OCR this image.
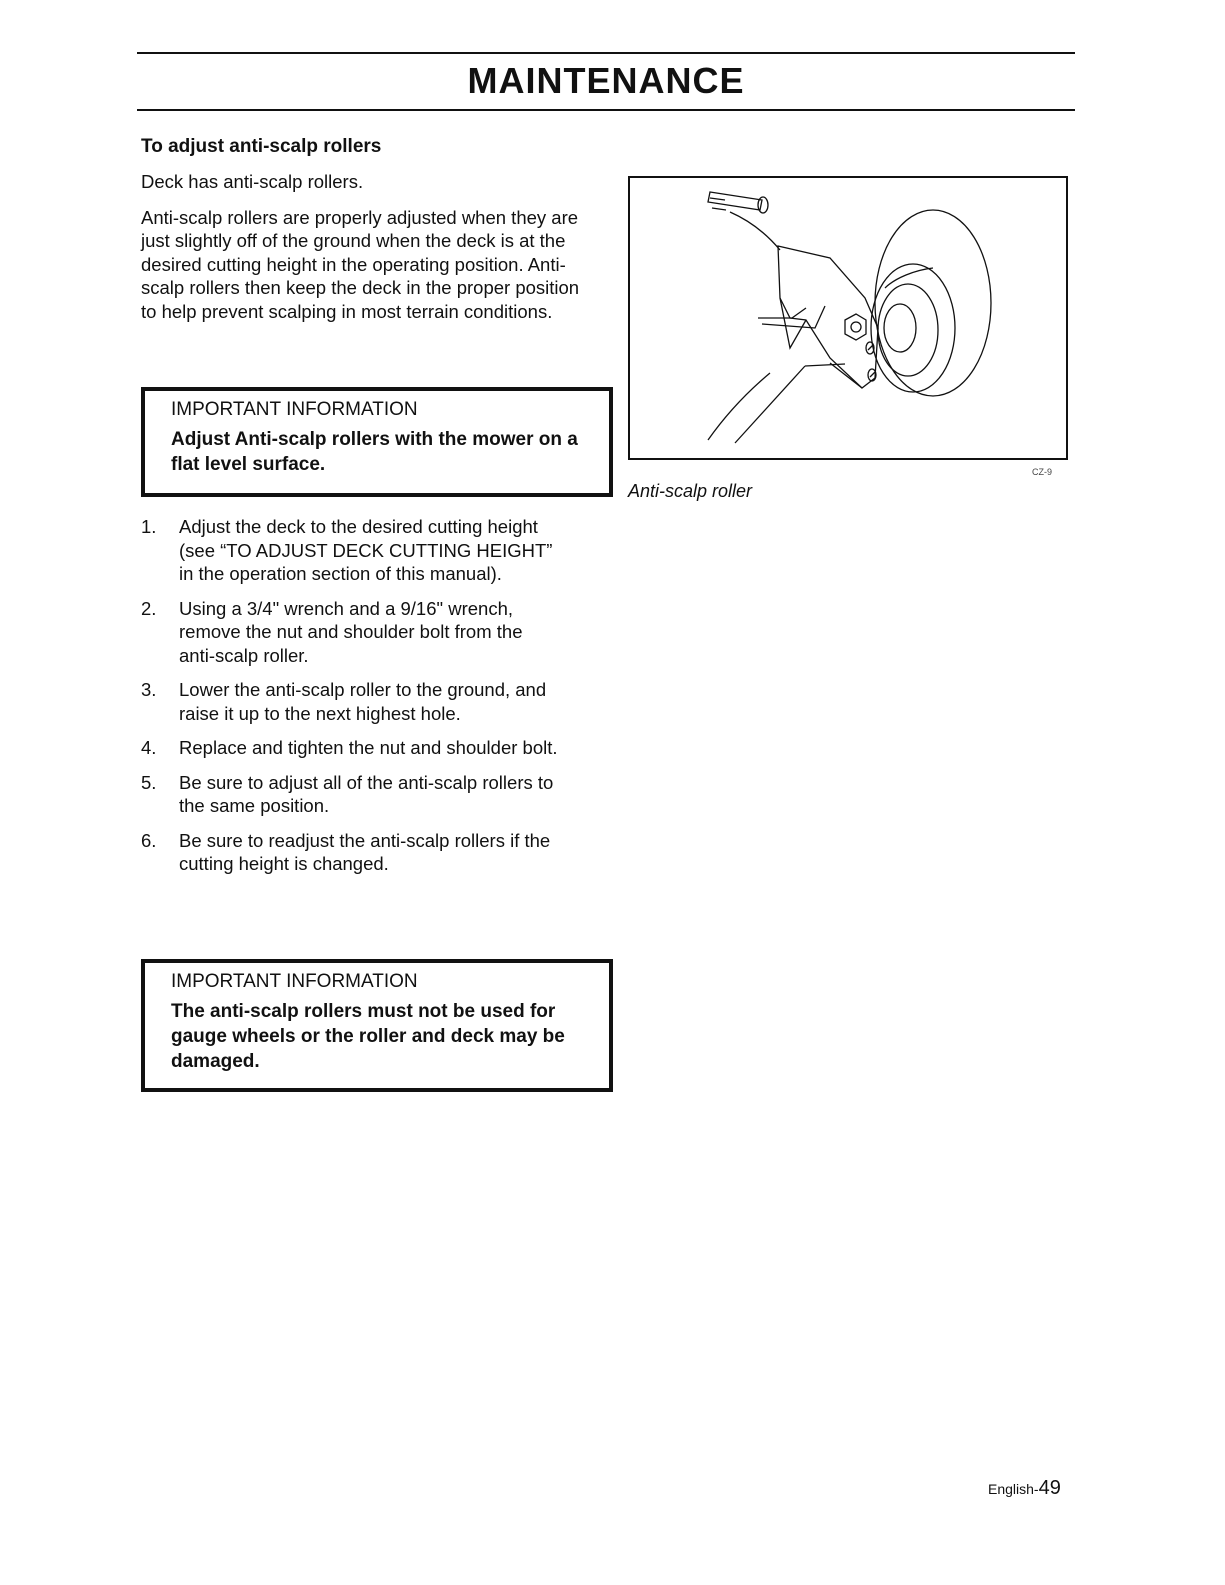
MAINTENANCE
To adjust anti-scalp rollers

Deck has anti-scalp rollers.

Anti-scalp rollers are properly adjusted when they are just slightly off of the ground when the deck is at the desired cutting height in the operating position. Anti-scalp rollers then keep the deck in the proper position to help prevent scalping in most terrain conditions.

IMPORTANT INFORMATION

Adjust Anti-scalp rollers with the mower on a flat level surface.

1.	Adjust the deck to the desired cutting height (see “TO ADJUST DECK CUTTING HEIGHT” in the operation section of this manual).
2.	Using a 3/4" wrench and a 9/16" wrench, remove the nut and shoulder bolt from the anti-scalp roller.
3.	Lower the anti-scalp roller to the ground, and raise it up to the next highest hole.
4.	Replace and tighten the nut and shoulder bolt.
5.	Be sure to adjust all of the anti-scalp rollers to the same position.
6.	Be sure to readjust the anti-scalp rollers if the cutting height is changed.

IMPORTANT INFORMATION

The anti-scalp rollers must not be used for gauge wheels or the roller and deck may be damaged.

CZ-9
Anti-scalp roller
English-49
